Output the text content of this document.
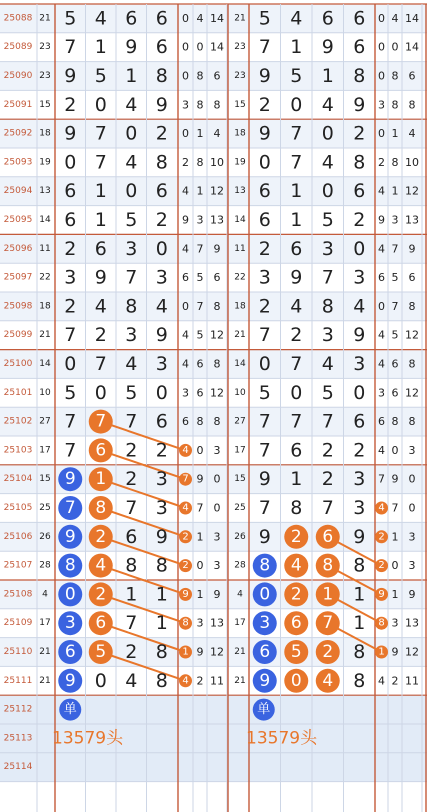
25088 21 5 4 6 6 0 4 14 21 5 4 6 6 0 4 14
25089 23 7 1 9 6 0 0 14 23 7 1 9 6 0 0 14
25090 23 9 5 1 8 0 8 6 23 9 5 1 8 0 8 6
25091 15 2 0 4 9 3 8 8 15 2 0 4 9 3 8 8
25092 18 9 7 0 2 0 1 4 18 9 7 0 2 0 1 4
25093 19 0 7 4 8 2 8 10 19 0 7 4 8 2 8 10
25094 13 6 1 0 6 4 1 12 13 6 1 0 6 4 1 12
25095 14 6 1 5 2 9 3 13 14 6 1 5 2 9 3 13
25096 11 2 6 3 0 4 7 9 11 2 6 3 0 4 7 9
25097 22 3 9 7 3 6 5 6 22 3 9 7 3 6 5 6
25098 18 2 4 8 4 0 7 8 18 2 4 8 4 0 7 8
25099 21 7 2 3 9 4 5 12 21 7 2 3 9 4 5 12
25100 14 0 7 4 3 4 6 8 14 0 7 4 3 4 6 8
25101 10 5 0 5 0 3 6 12 10 5 0 5 0 3 6 12
25102 27 7 7 7 6 6 8 8 27 7 7 7 6 6 8 8
25103 17 7 6 2 2 4 0 3 17 7 6 2 2 4 0 3
25104 15 9 1 2 3 7 9 0 15 9 1 2 3 7 9 0
25105 25 7 8 7 3 4 7 0 25 7 8 7 3 4 7 0
25106 26 9 2 6 9 2 1 3 26 9 2 6 9 2 1 3
25107 28 8 4 8 8 2 0 3 28 8 4 8 8 2 0 3
25108 4 0 2 1 1 9 1 9 4 0 2 1 1 9 1 9
25109 17 3 6 7 1 8 3 13 17 3 6 7 1 8 3 13
25110 21 6 5 2 8 1 9 12 21 6 5 2 8 1 9 12
25111 21 9 0 4 8 4 2 11 21 9 0 4 8 4 2 11
25112
25113
25114
单
13579头
单
13579头
